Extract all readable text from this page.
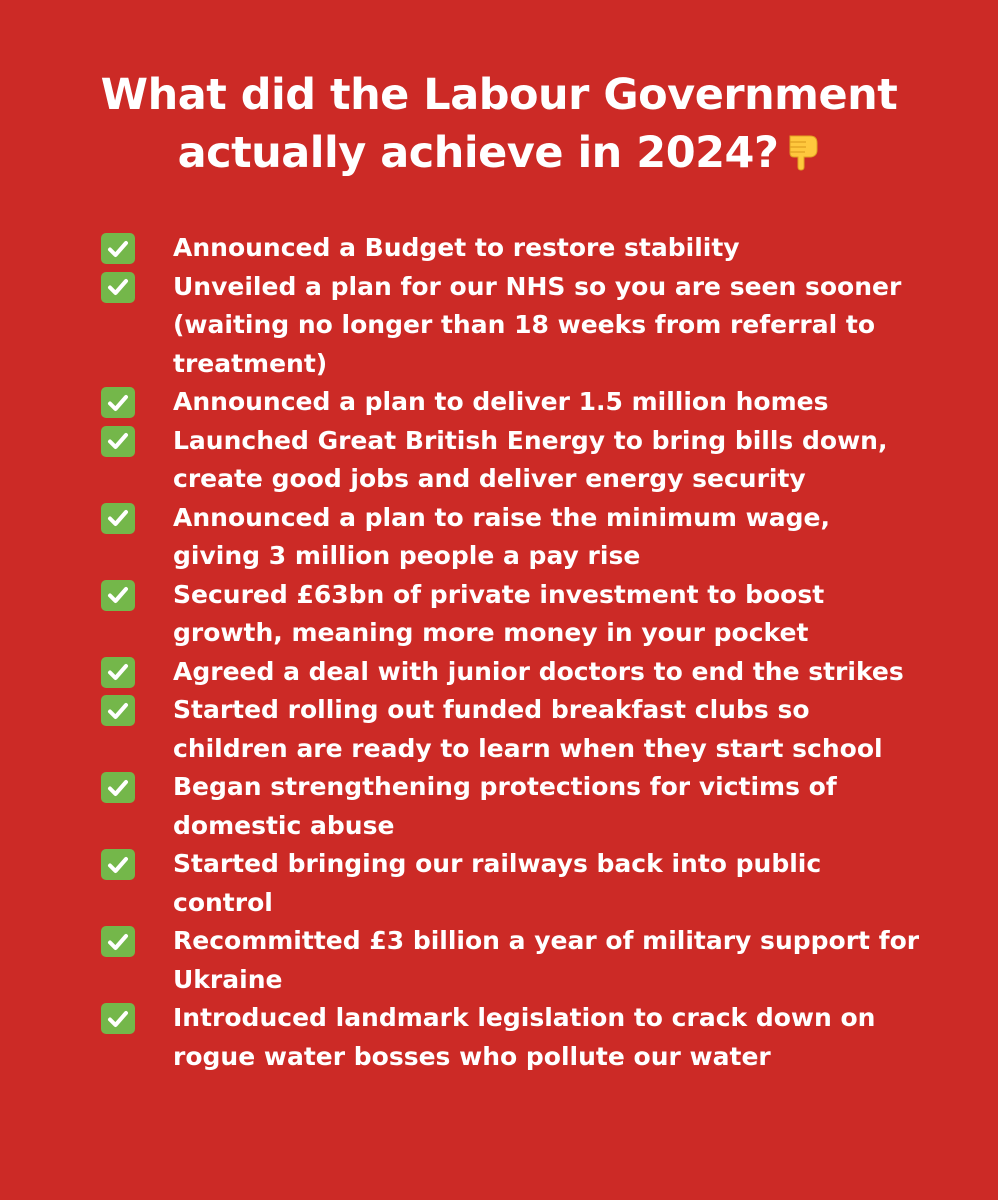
What did the Labour Government
actually achieve in 2024?
Announced a Budget to restore stability
Unveiled a plan for our NHS so you are seen sooner
(waiting no longer than 18 weeks from referral to
treatment)
Announced a plan to deliver 1.5 million homes
Launched Great British Energy to bring bills down,
create good jobs and deliver energy security
Announced a plan to raise the minimum wage,
giving 3 million people a pay rise
Secured £63bn of private investment to boost
growth, meaning more money in your pocket
Agreed a deal with junior doctors to end the strikes
Started rolling out funded breakfast clubs so
children are ready to learn when they start school
Began strengthening protections for victims of
domestic abuse
Started bringing our railways back into public
control
Recommitted £3 billion a year of military support for
Ukraine
Introduced landmark legislation to crack down on
rogue water bosses who pollute our water
